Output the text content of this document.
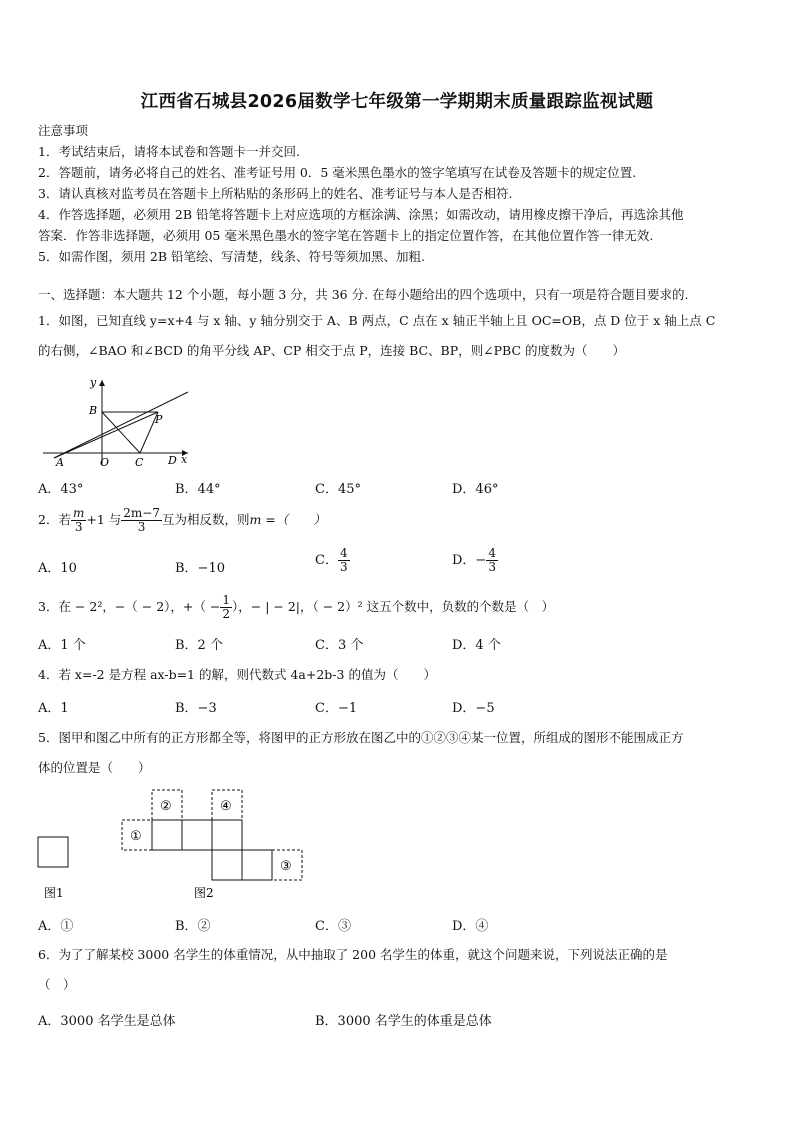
江西省石城县2026届数学七年级第一学期期末质量跟踪监视试题
注意事项
1．考试结束后，请将本试卷和答题卡一并交回.
2．答题前，请务必将自己的姓名、准考证号用 0．5 毫米黑色墨水的签字笔填写在试卷及答题卡的规定位置.
3．请认真核对监考员在答题卡上所粘贴的条形码上的姓名、准考证号与本人是否相符.
4．作答选择题，必须用 2B 铅笔将答题卡上对应选项的方框涂满、涂黑；如需改动，请用橡皮擦干净后，再选涂其他
答案．作答非选择题，必须用 05 毫米黑色墨水的签字笔在答题卡上的指定位置作答，在其他位置作答一律无效.
5．如需作图，须用 2B 铅笔绘、写清楚，线条、符号等须加黑、加粗.
一、选择题：本大题共 12 个小题，每小题 3 分，共 36 分. 在每小题给出的四个选项中，只有一项是符合题目要求的.
1．如图，已知直线 y=x+4 与 x 轴、y 轴分别交于 A、B 两点，C 点在 x 轴正半轴上且 OC=OB，点 D 位于 x 轴上点 C
的右侧，∠BAO 和∠BCD 的角平分线 AP、CP 相交于点 P，连接 BC、BP，则∠PBC 的度数为（　　）
y
x
A	O C D
B
P
A．43°	B．44°	C．45°	D．46°
2．若 $\frac{m}{3} +1$ 与 $\frac{2m-7}{3}$ 互为相反数，则m =（　　）
A．10	B．−10
C． $\frac{4}{3}$	D．− $\frac{4}{3}$
3．在 − 2²，−（ − 2），+（ − $\frac{1}{2}$ ），− | − 2|，（ − 2）² 这五个数中，负数的个数是（　）
A．1 个	B．2 个	C．3 个	D．4 个
4．若 x=-2 是方程 ax-b=1 的解，则代数式 4a+2b-3 的值为（　　）
A．1	B．−3	C．−1	D．−5
5．图甲和图乙中所有的正方形都全等，将图甲的正方形放在图乙中的①②③④某一位置，所组成的图形不能围成正方
体的位置是（　　）
图1
①
②
③
④
图2
A．①	B．②	C．③	D．④
6．为了了解某校 3000 名学生的体重情况，从中抽取了 200 名学生的体重，就这个问题来说，下列说法正确的是
（　）
A．3000 名学生是总体	B．3000 名学生的体重是总体
